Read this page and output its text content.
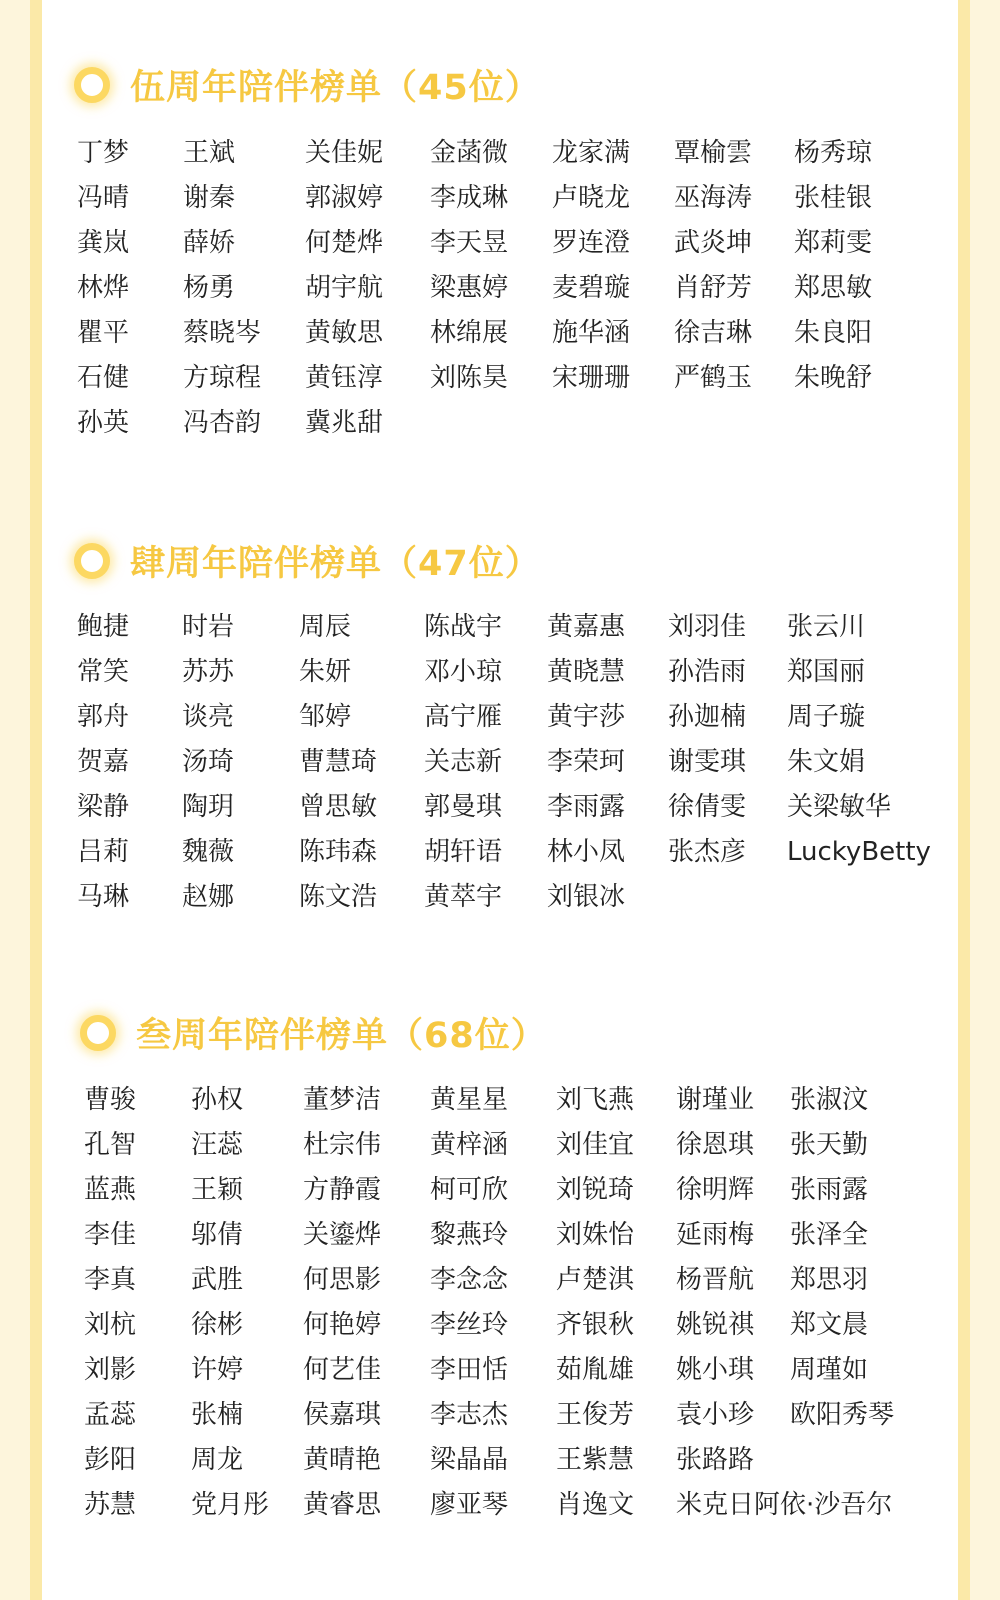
伍周年陪伴榜单（45位）
丁梦	王斌	关佳妮	金菡微	龙家满	覃榆雲	杨秀琼
冯晴	谢秦	郭淑婷	李成琳	卢晓龙	巫海涛	张桂银
龚岚	薛娇	何楚烨	李天昱	罗连澄	武炎坤	郑莉雯
林烨	杨勇	胡宇航	梁惠婷	麦碧璇	肖舒芳	郑思敏
瞿平	蔡晓岑	黄敏思	林绵展	施华涵	徐吉琳	朱良阳
石健	方琼程	黄钰淳	刘陈昊	宋珊珊	严鹤玉	朱晚舒
孙英	冯杏韵	冀兆甜
肆周年陪伴榜单（47位）
鲍捷	时岩	周辰	陈战宇	黄嘉惠	刘羽佳	张云川
常笑	苏苏	朱妍	邓小琼	黄晓慧	孙浩雨	郑国丽
郭舟	谈亮	邹婷	高宁雁	黄宇莎	孙迦楠	周子璇
贺嘉	汤琦	曹慧琦	关志新	李荣珂	谢雯琪	朱文娟
梁静	陶玥	曾思敏	郭曼琪	李雨露	徐倩雯	关梁敏华
吕莉	魏薇	陈玮森	胡轩语	林小凤	张杰彦	LuckyBetty
马琳	赵娜	陈文浩	黄萃宇	刘银冰
叁周年陪伴榜单（68位）
曹骏	孙权	董梦洁	黄星星	刘飞燕	谢瑾业	张淑汶
孔智	汪蕊	杜宗伟	黄梓涵	刘佳宜	徐恩琪	张天勤
蓝燕	王颖	方静霞	柯可欣	刘锐琦	徐明辉	张雨露
李佳	邬倩	关鎏烨	黎燕玲	刘姝怡	延雨梅	张泽全
李真	武胜	何思影	李念念	卢楚淇	杨晋航	郑思羽
刘杭	徐彬	何艳婷	李丝玲	齐银秋	姚锐祺	郑文晨
刘影	许婷	何艺佳	李田恬	茹胤雄	姚小琪	周瑾如
孟蕊	张楠	侯嘉琪	李志杰	王俊芳	袁小珍	欧阳秀琴
彭阳	周龙	黄晴艳	梁晶晶	王紫慧	张路路
苏慧	党月彤	黄睿思	廖亚琴	肖逸文	米克日阿依·沙吾尔
